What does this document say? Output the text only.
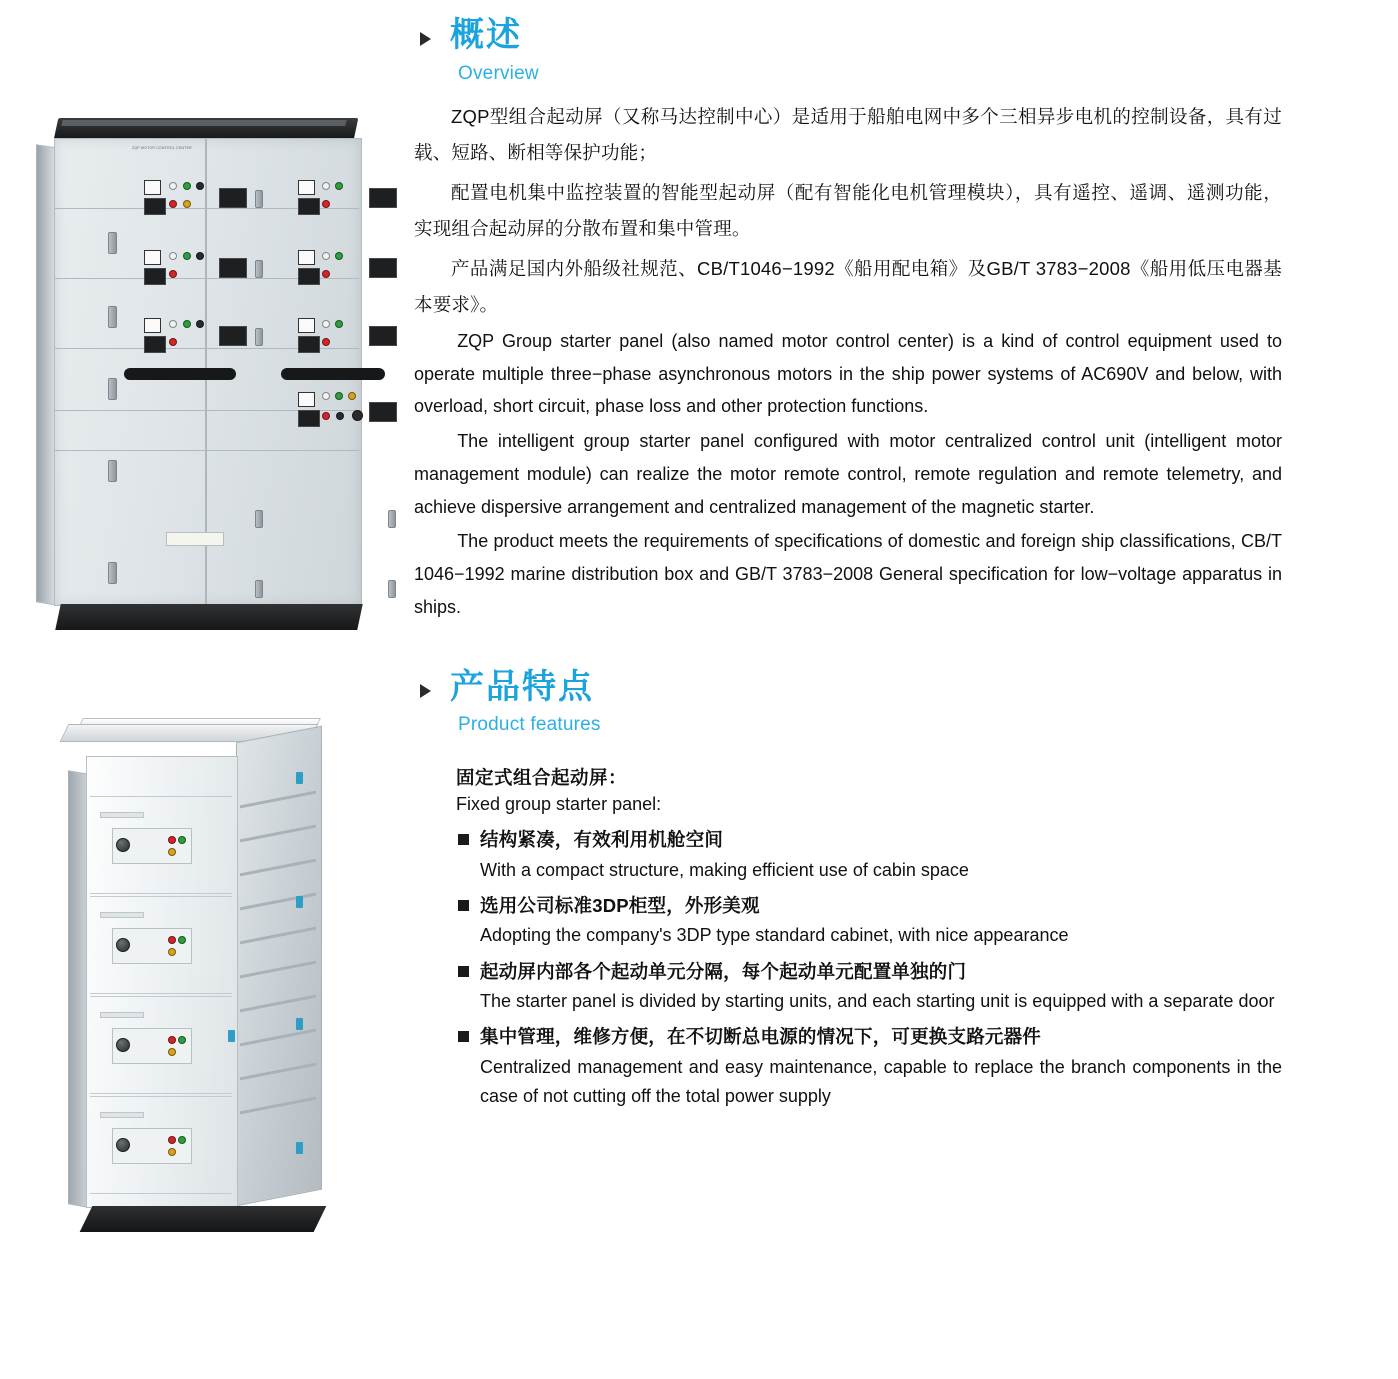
ZQP MOTOR CONTROL CENTER
概述
Overview

ZQP型组合起动屏（又称马达控制中心）是适用于船舶电网中多个三相异步电机的控制设备，具有过载、短路、断相等保护功能；

配置电机集中监控装置的智能型起动屏（配有智能化电机管理模块），具有遥控、遥调、遥测功能，实现组合起动屏的分散布置和集中管理。

产品满足国内外船级社规范、CB/T1046−1992《船用配电箱》及GB/T 3783−2008《船用低压电器基本要求》。

ZQP Group starter panel (also named motor control center) is a kind of control equipment used to operate multiple three−phase asynchronous motors in the ship power systems of AC690V and below, with overload, short circuit, phase loss and other protection functions.

The intelligent group starter panel configured with motor centralized control unit (intelligent motor management module) can realize the motor remote control, remote regulation and remote telemetry, and achieve dispersive arrangement and centralized management of the magnetic starter.

The product meets the requirements of specifications of domestic and foreign ship classifications, CB/T 1046−1992 marine distribution box and GB/T 3783−2008 General specification for low−voltage apparatus in ships.

产品特点
Product features
固定式组合起动屏：
Fixed group starter panel:
结构紧凑，有效利用机舱空间
With a compact structure, making efficient use of cabin space
选用公司标准3DP柜型，外形美观
Adopting the company's 3DP type standard cabinet, with nice appearance
起动屏内部各个起动单元分隔，每个起动单元配置单独的门
The starter panel is divided by starting units, and each starting unit is equipped with a separate door
集中管理，维修方便，在不切断总电源的情况下，可更换支路元器件
Centralized management and easy maintenance, capable to replace the branch components in the case of not cutting off the total power supply
